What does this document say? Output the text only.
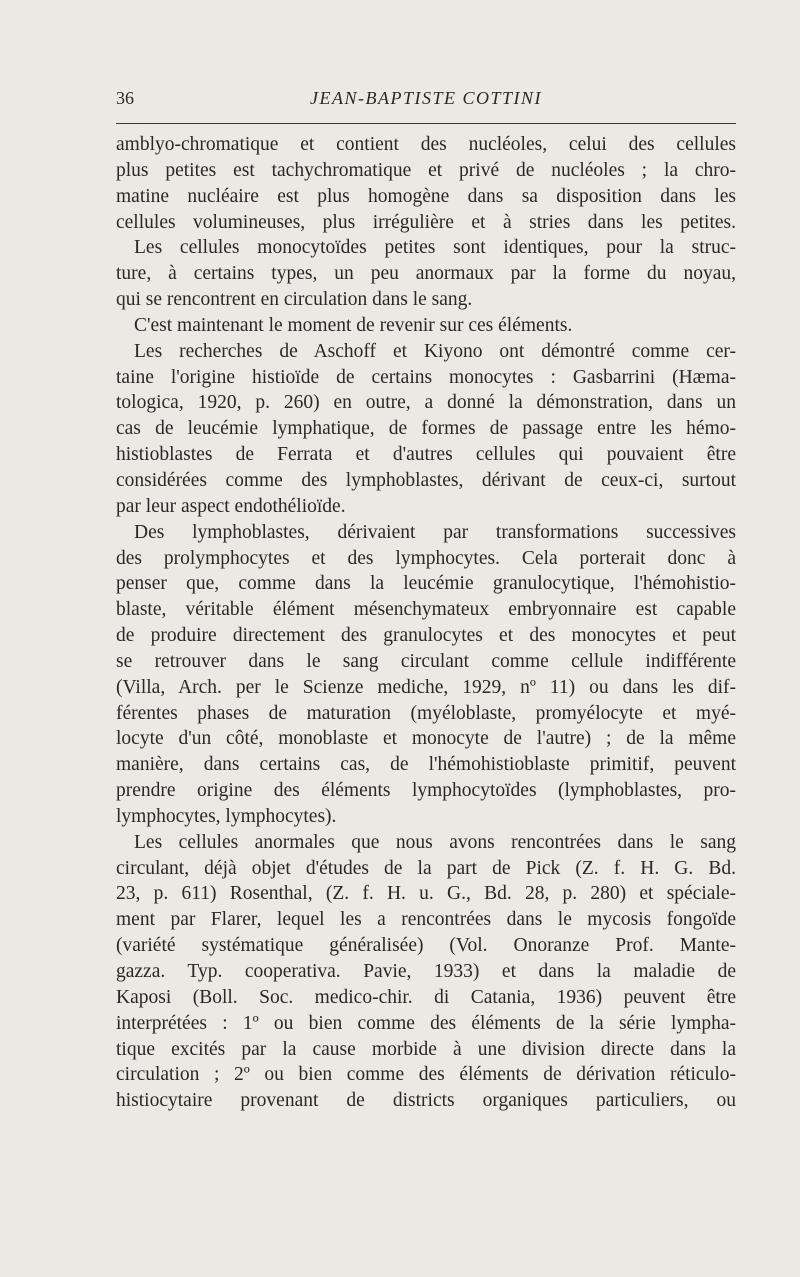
36	JEAN-BAPTISTE COTTINI
amblyo-chromatique et contient des nucléoles, celui des cellules
plus petites est tachychromatique et privé de nucléoles ; la chro-
matine nucléaire est plus homogène dans sa disposition dans les
cellules volumineuses, plus irrégulière et à stries dans les petites.
Les cellules monocytoïdes petites sont identiques, pour la struc-
ture, à certains types, un peu anormaux par la forme du noyau,
qui se rencontrent en circulation dans le sang.
C'est maintenant le moment de revenir sur ces éléments.
Les recherches de Aschoff et Kiyono ont démontré comme cer-
taine l'origine histioïde de certains monocytes : Gasbarrini (Hæma-
tologica, 1920, p. 260) en outre, a donné la démonstration, dans un
cas de leucémie lymphatique, de formes de passage entre les hémo-
histioblastes de Ferrata et d'autres cellules qui pouvaient être
considérées comme des lymphoblastes, dérivant de ceux-ci, surtout
par leur aspect endothélioïde.
Des lymphoblastes, dérivaient par transformations successives
des prolymphocytes et des lymphocytes. Cela porterait donc à
penser que, comme dans la leucémie granulocytique, l'hémohistio-
blaste, véritable élément mésenchymateux embryonnaire est capable
de produire directement des granulocytes et des monocytes et peut
se retrouver dans le sang circulant comme cellule indifférente
(Villa, Arch. per le Scienze mediche, 1929, nº 11) ou dans les dif-
férentes phases de maturation (myéloblaste, promyélocyte et myé-
locyte d'un côté, monoblaste et monocyte de l'autre) ; de la même
manière, dans certains cas, de l'hémohistioblaste primitif, peuvent
prendre origine des éléments lymphocytoïdes (lymphoblastes, pro-
lymphocytes, lymphocytes).
Les cellules anormales que nous avons rencontrées dans le sang
circulant, déjà objet d'études de la part de Pick (Z. f. H. G. Bd.
23, p. 611) Rosenthal, (Z. f. H. u. G., Bd. 28, p. 280) et spéciale-
ment par Flarer, lequel les a rencontrées dans le mycosis fongoïde
(variété systématique généralisée) (Vol. Onoranze Prof. Mante-
gazza. Typ. cooperativa. Pavie, 1933) et dans la maladie de
Kaposi (Boll. Soc. medico-chir. di Catania, 1936) peuvent être
interprétées : 1º ou bien comme des éléments de la série lympha-
tique excités par la cause morbide à une division directe dans la
circulation ; 2º ou bien comme des éléments de dérivation réticulo-
histiocytaire provenant de districts organiques particuliers, ou
